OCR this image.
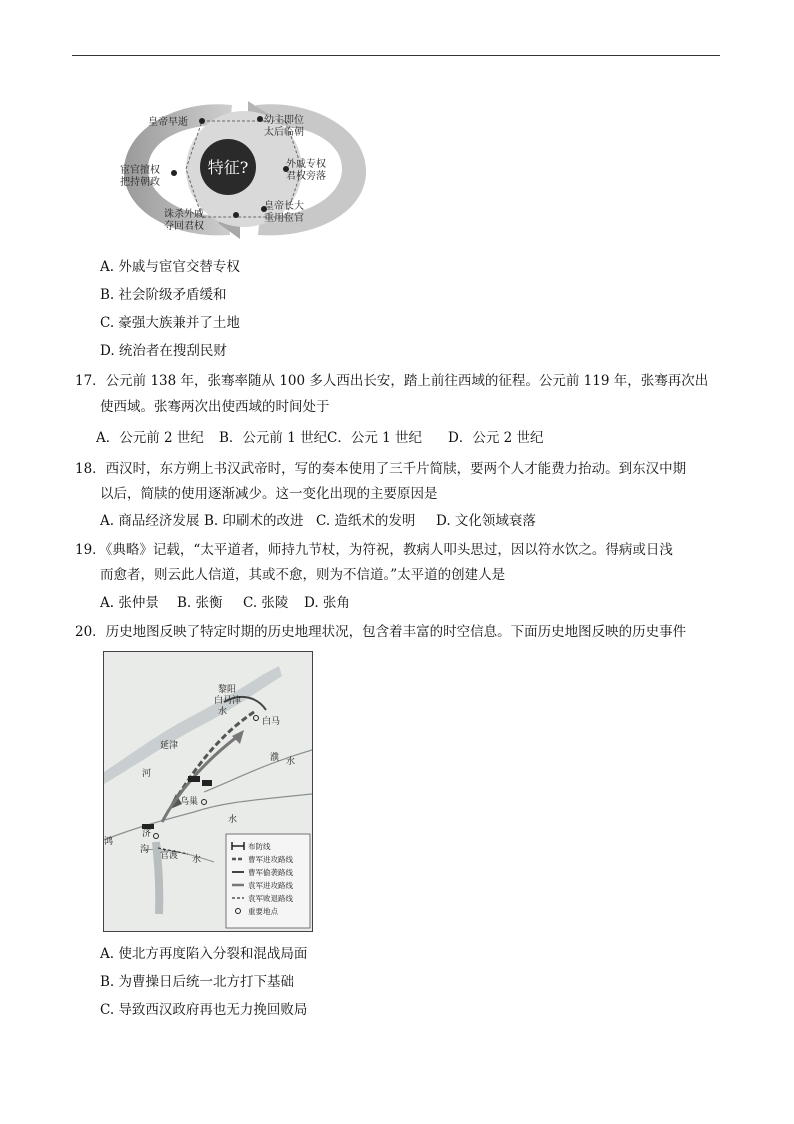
特征?
皇帝早逝	幼主即位太后临朝
外戚专权君权旁落
皇帝长大重用宦官
诛杀外戚夺回君权
宦官擅权把持朝政
A. 外戚与宦官交替专权
B. 社会阶级矛盾缓和
C. 豪强大族兼并了土地
D. 统治者在搜刮民财
17．公元前 138 年，张骞率随从 100 多人西出长安，踏上前往西域的征程。公元前 119 年，张骞再次出
使西域。张骞两次出使西域的时间处于
A．公元前 2 世纪 B．公元前 1 世纪 C．公元 1 世纪 D．公元 2 世纪
18．西汉时，东方朔上书汉武帝时，写的奏本使用了三千片简牍，要两个人才能费力抬动。到东汉中期
以后，简牍的使用逐渐减少。这一变化出现的主要原因是
A. 商品经济发展 B. 印刷术的改进 C. 造纸术的发明 D. 文化领域衰落
19．《典略》记载，“太平道者，师持九节杖，为符祝，教病人叩头思过，因以符水饮之。得病或日浅
而愈者，则云此人信道，其或不愈，则为不信道。”太平道的创建人是
A. 张仲景 B. 张衡 C. 张陵 D. 张角
20．历史地图反映了特定时期的历史地理状况，包含着丰富的时空信息。下面历史地图反映的历史事件
黎阳
白马津
白马
水
延津
河
濮 水
乌巢
水
济
鸿
沟
官渡 水
布防线
曹军进攻路线
曹军偷袭路线
袁军进攻路线
袁军败退路线
重要地点
A. 使北方再度陷入分裂和混战局面
B. 为曹操日后统一北方打下基础
C. 导致西汉政府再也无力挽回败局
